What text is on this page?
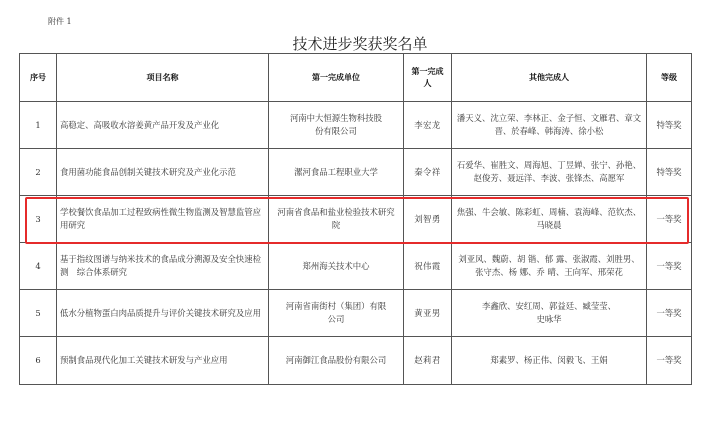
附件 1
技术进步奖获奖名单
序号	项目名称	第一完成单位	第一完成人	其他完成人	等级
1	高稳定、高吸收水溶姜黄产品开发及产业化	河南中大恒源生物科技股份有限公司	李宏龙	潘天义、沈立荣、李林正、金子恒、文雁君、章文晋、於春峰、韩海涛、徐小松	特等奖
2	食用菌功能食品创制关键技术研究及产业化示范	漯河食品工程职业大学	秦令祥	石爱华、崔胜文、周海旭、丁昱婵、张宁、孙艳、 赵俊芳、聂远洋、李波、张锋杰、高愿军	特等奖
3	学校餐饮食品加工过程致病性微生物监测及智慧监管应用研究	河南省食品和盐业检验技术研究院	刘智勇	焦强、牛会敏、陈彩虹、周楠、袁海峰、范钦杰、马晓晨	一等奖
4	基于指纹图谱与纳米技术的食品成分溯源及安全快速检测　综合体系研究	郑州海关技术中心	祝伟霞	刘亚风、魏蔚、胡 锴、郁 露、张淑霞、刘胜男、张守杰、杨 娜、乔 晴、王向军、邢荣花	一等奖
5	低水分植物蛋白肉品质提升与评价关键技术研究及应用	河南省南街村（集团）有限公司	黄亚男	李鑫欣、安红周、郭益廷、臧莹莹、史咏华	一等奖
6	预制食品现代化加工关键技术研发与产业应用	河南御江食品股份有限公司	赵莉君	郑素罗、杨正伟、闵毅飞、王娟	一等奖
